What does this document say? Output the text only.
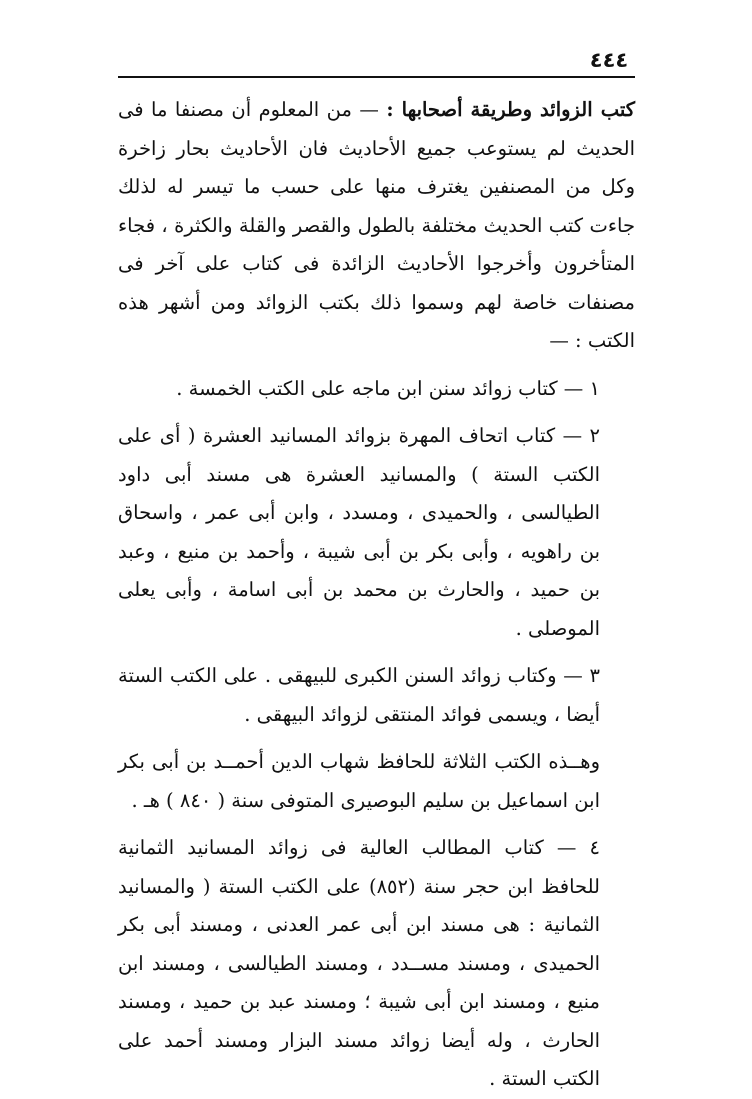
٤٤٤

كتب الزوائد وطريقة أصحابها : — من المعلوم أن مصنفا ما فى الحديث لم يستوعب جميع الأحاديث فان الأحاديث بحار زاخرة وكل من المصنفين يغترف منها على حسب ما تيسر له لذلك جاءت كتب الحديث مختلفة بالطول والقصر والقلة والكثرة ، فجاء المتأخرون وأخرجوا الأحاديث الزائدة فى كتاب على آخر فى مصنفات خاصة لهم وسموا ذلك بكتب الزوائد ومن أشهر هذه الكتب : —

١ — كتاب زوائد سنن ابن ماجه على الكتب الخمسة .

٢ — كتاب اتحاف المهرة بزوائد المسانيد العشرة ( أى على الكتب الستة ) والمسانيد العشرة هى مسند أبى داود الطيالسى ، والحميدى ، ومسدد ، وابن أبى عمر ، واسحاق بن راهويه ، وأبى بكر بن أبى شيبة ، وأحمد بن منيع ، وعبد بن حميد ، والحارث بن محمد بن أبى اسامة ، وأبى يعلى الموصلى .

٣ — وكتاب زوائد السنن الكبرى للبيهقى . على الكتب الستة أيضا ، ويسمى فوائد المنتقى لزوائد البيهقى .

وهــذه الكتب الثلاثة للحافظ شهاب الدين أحمــد بن أبى بكر ابن اسماعيل بن سليم البوصيرى المتوفى سنة ( ٨٤٠ ) هـ .

٤ — كتاب المطالب العالية فى زوائد المسانيد الثمانية للحافظ ابن حجر سنة (٨٥٢) على الكتب الستة ( والمسانيد الثمانية : هى مسند ابن أبى عمر العدنى ، ومسند أبى بكر الحميدى ، ومسند مســدد ، ومسند الطيالسى ، ومسند ابن منيع ، ومسند ابن أبى شيبة ؛ ومسند عبد بن حميد ، ومسند الحارث ، وله أيضا زوائد مسند البزار ومسند أحمد على الكتب الستة .
